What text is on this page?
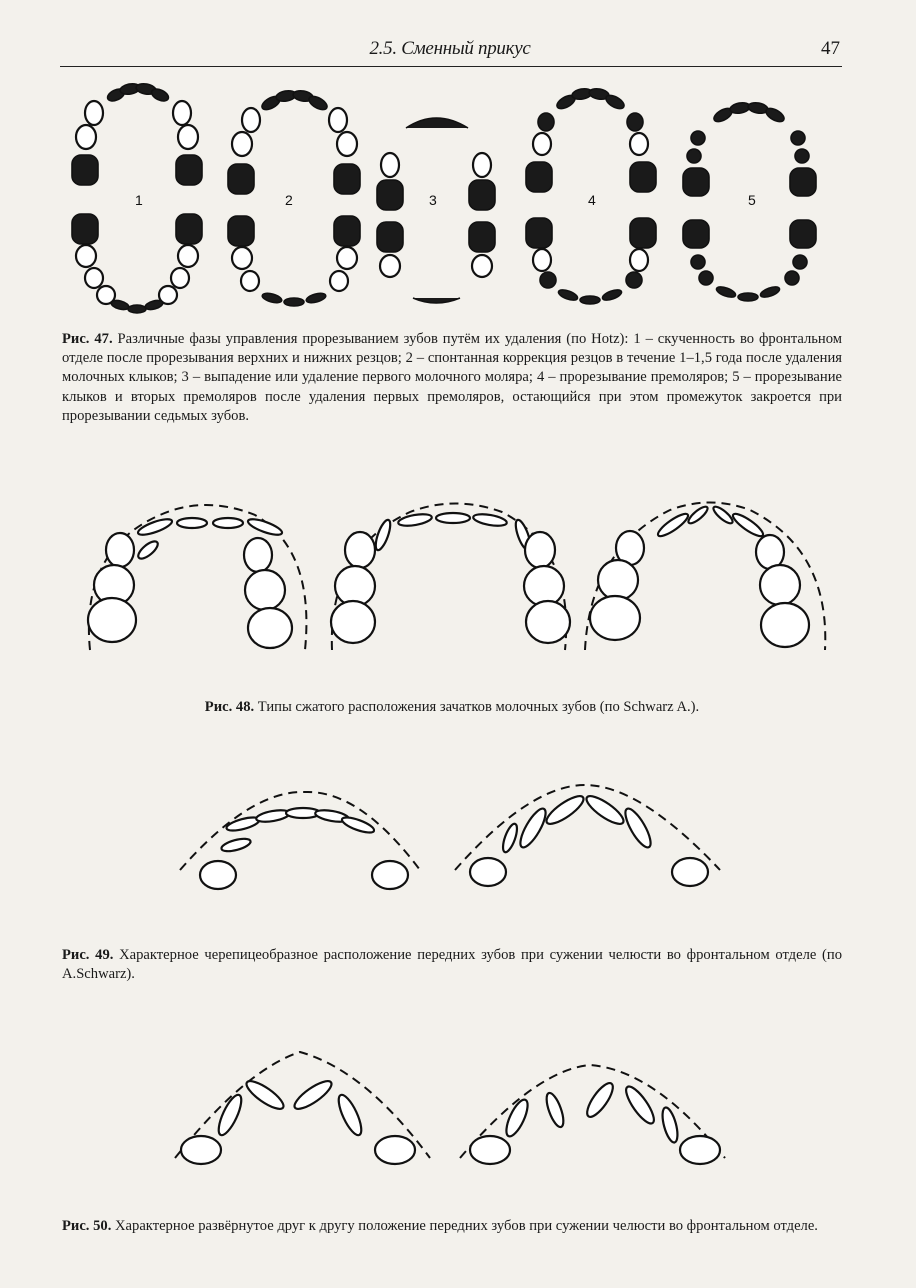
2.5. Сменный прикус	47
1	2	3	4	5
Рис. 47. Различные фазы управления прорезыванием зубов путём их удаления (по Hotz): 1 – скученность во фронтальном отделе после прорезывания верхних и нижних резцов; 2 – спонтанная коррекция резцов в течение 1–1,5 года после удаления молочных клыков; 3 – выпадение или удаление первого молочного моляра; 4 – прорезывание премоляров; 5 – прорезывание клыков и вторых премоляров после удаления первых премоляров, остающийся при этом промежуток закроется при прорезывании седьмых зубов.
Рис. 48. Типы сжатого расположения зачатков молочных зубов (по Schwarz A.).
Рис. 49. Характерное черепицеобразное расположение передних зубов при сужении челюсти во фронтальном отделе (по A.Schwarz).
Рис. 50. Характерное развёрнутое друг к другу положение передних зубов при сужении челюсти во фронтальном отделе.
